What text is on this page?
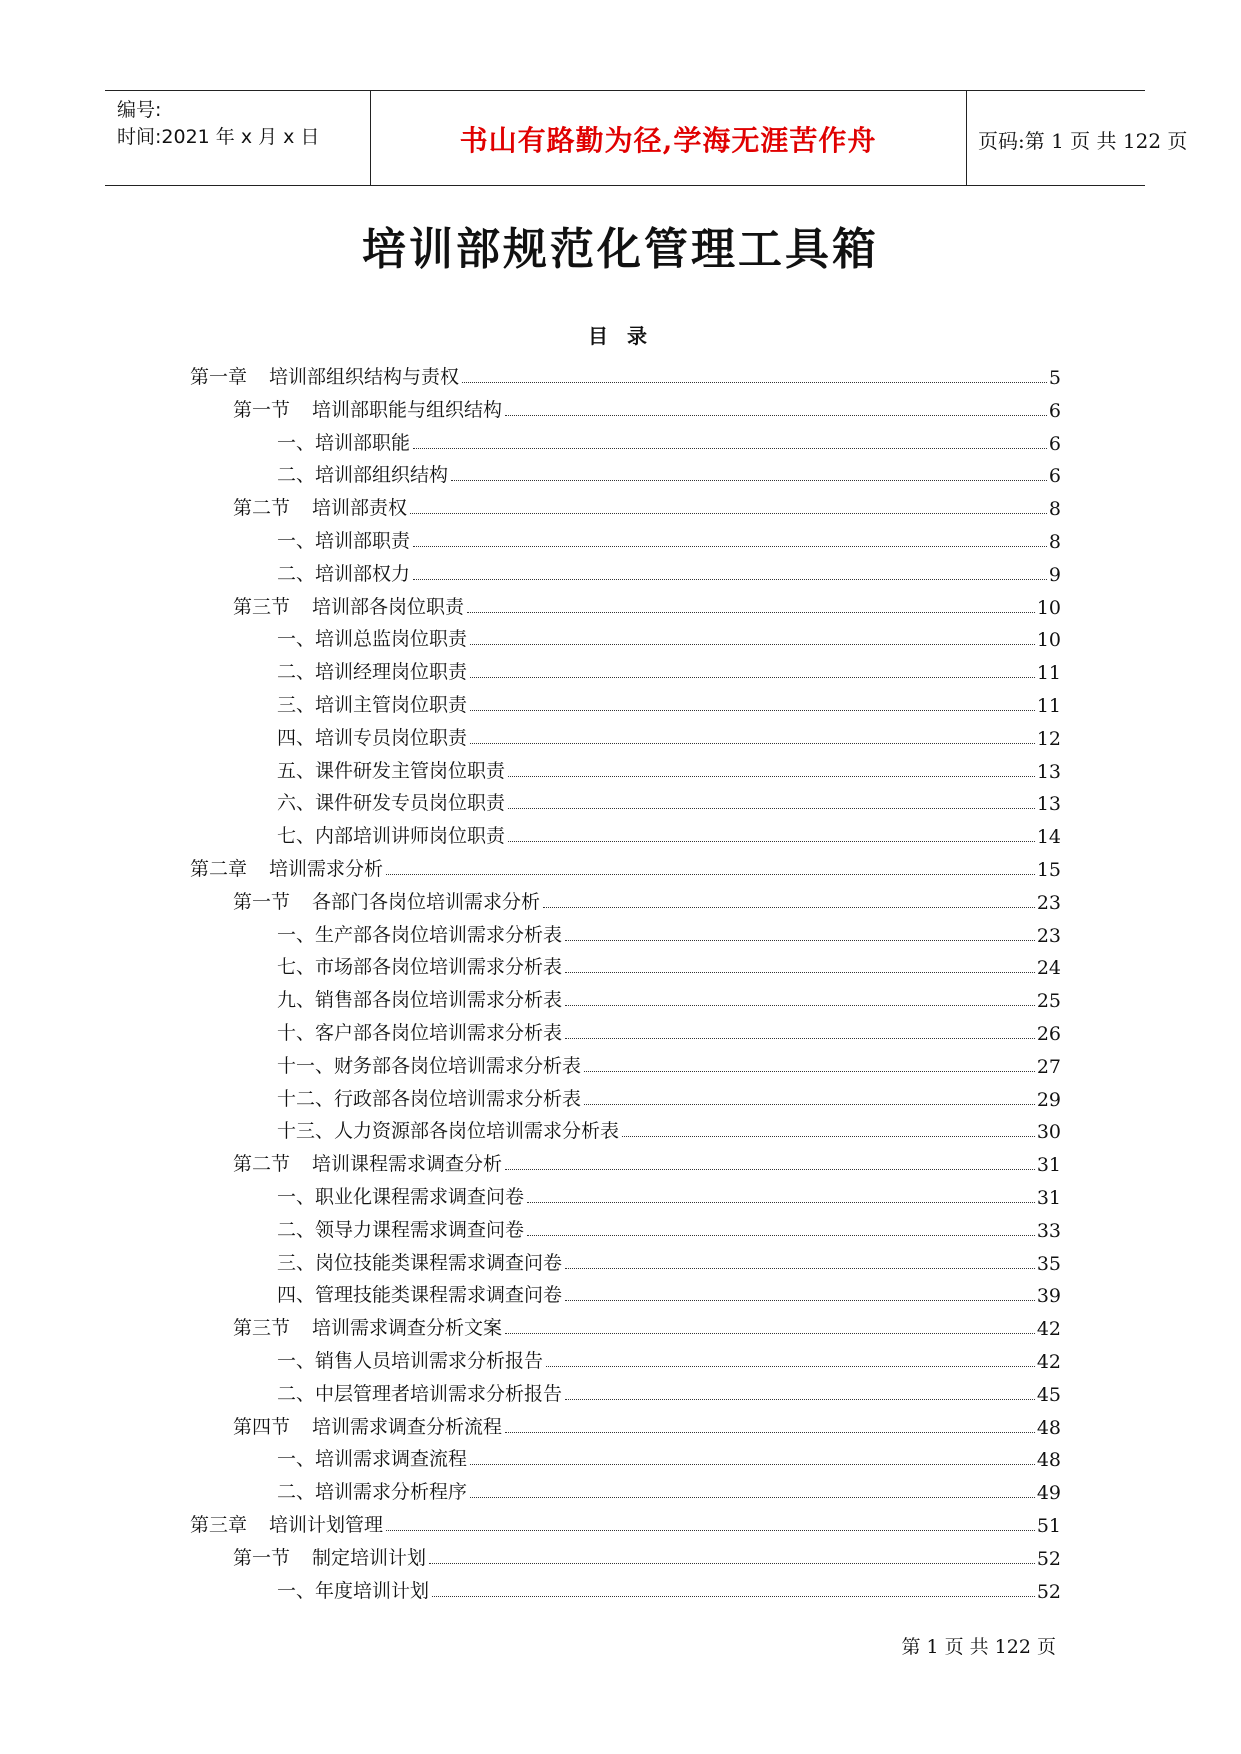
编号:
时间:2021 年 x 月 x 日	书山有路勤为径,学海无涯苦作舟	页码:第 1 页 共 122 页
培训部规范化管理工具箱
目 录
第一章 培训部组织结构与责权	5
第一节 培训部职能与组织结构	6
一、 培训部职能	6
二、 培训部组织结构	6
第二节 培训部责权	8
一、 培训部职责	8
二、 培训部权力	9
第三节 培训部各岗位职责	10
一、 培训总监岗位职责	10
二、 培训经理岗位职责	11
三、 培训主管岗位职责	11
四、 培训专员岗位职责	12
五、 课件研发主管岗位职责	13
六、 课件研发专员岗位职责	13
七、 内部培训讲师岗位职责	14
第二章 培训需求分析	15
第一节 各部门各岗位培训需求分析	23
一、 生产部各岗位培训需求分析表	23
七、 市场部各岗位培训需求分析表	24
九、 销售部各岗位培训需求分析表	25
十、 客户部各岗位培训需求分析表	26
十一、 财务部各岗位培训需求分析表	27
十二、 行政部各岗位培训需求分析表	29
十三、 人力资源部各岗位培训需求分析表	30
第二节 培训课程需求调查分析	31
一、 职业化课程需求调查问卷	31
二、 领导力课程需求调查问卷	33
三、 岗位技能类课程需求调查问卷	35
四、 管理技能类课程需求调查问卷	39
第三节 培训需求调查分析文案	42
一、 销售人员培训需求分析报告	42
二、 中层管理者培训需求分析报告	45
第四节 培训需求调查分析流程	48
一、 培训需求调查流程	48
二、 培训需求分析程序	49
第三章 培训计划管理	51
第一节 制定培训计划	52
一、 年度培训计划	52
第 1 页 共 122 页
